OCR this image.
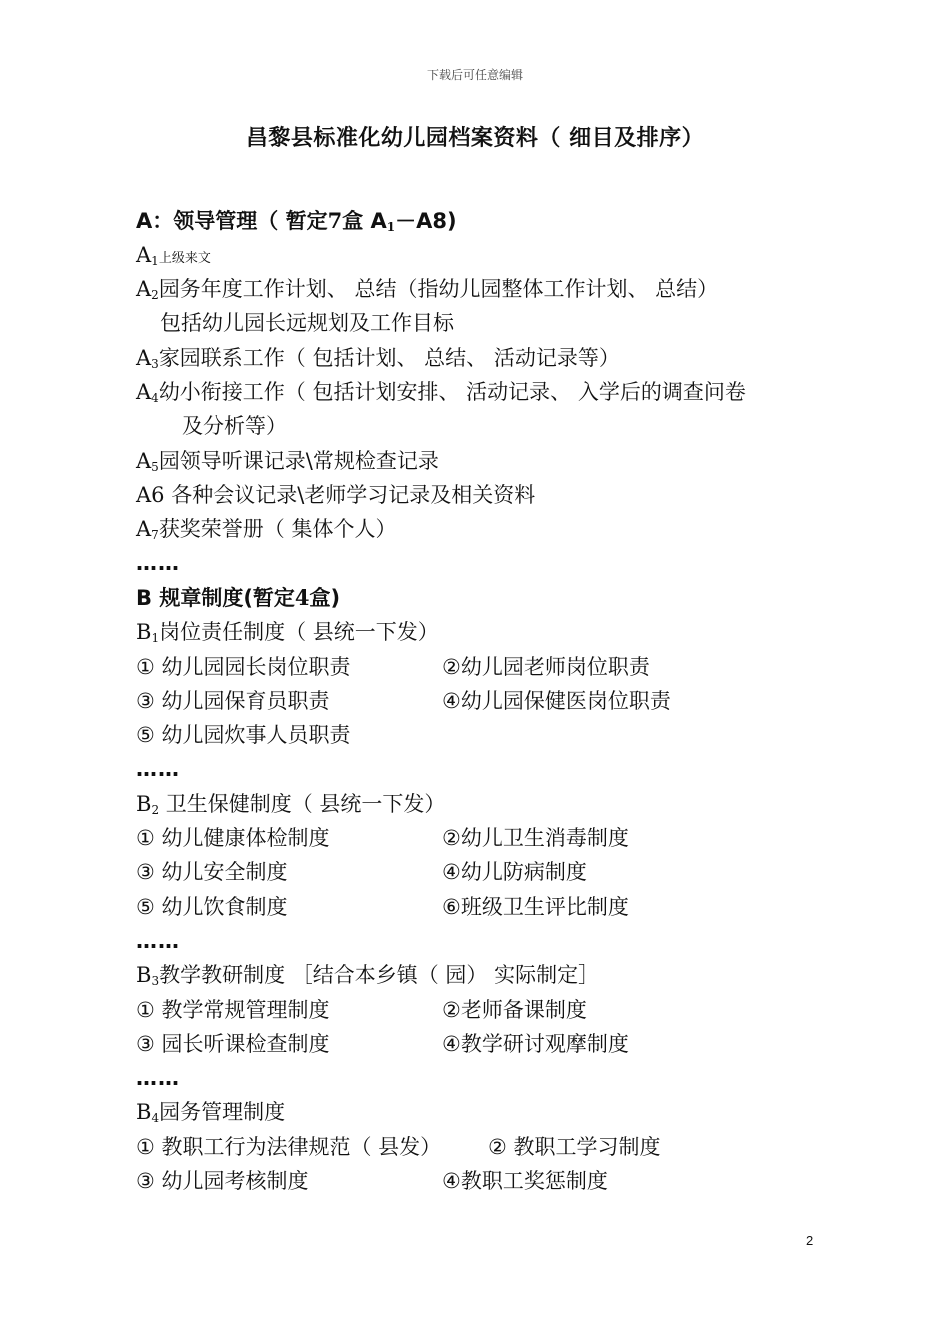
下载后可任意编辑
昌黎县标准化幼儿园档案资料（ 细目及排序）
A：领导管理（ 暂定7盒 $A_1-A8$)
$A_1$上级来文
$A_2$园务年度工作计划、 总结（指幼儿园整体工作计划、 总结）
包括幼儿园长远规划及工作目标
$A_3$家园联系工作（ 包括计划、 总结、 活动记录等）
$A_4$幼小衔接工作（ 包括计划安排、 活动记录、 入学后的调查问卷
及分析等）
$A_5$园领导听课记录\常规检查记录
A6 各种会议记录\老师学习记录及相关资料
$A_7$获奖荣誉册（ 集体个人）
……
B 规章制度(暂定4盒)
$B_1$岗位责任制度（ 县统一下发）
① 幼儿园园长岗位职责	②幼儿园老师岗位职责
③ 幼儿园保育员职责	④幼儿园保健医岗位职责
⑤ 幼儿园炊事人员职责
……
$B_2$ 卫生保健制度（ 县统一下发）
① 幼儿健康体检制度	②幼儿卫生消毒制度
③ 幼儿安全制度	④幼儿防病制度
⑤ 幼儿饮食制度	⑥班级卫生评比制度
……
$B_3$教学教研制度 ［结合本乡镇（ 园） 实际制定］
① 教学常规管理制度	②老师备课制度
③ 园长听课检查制度	④教学研讨观摩制度
……
$B_4$园务管理制度
① 教职工行为法律规范（ 县发） ② 教职工学习制度
③ 幼儿园考核制度	④教职工奖惩制度
2
